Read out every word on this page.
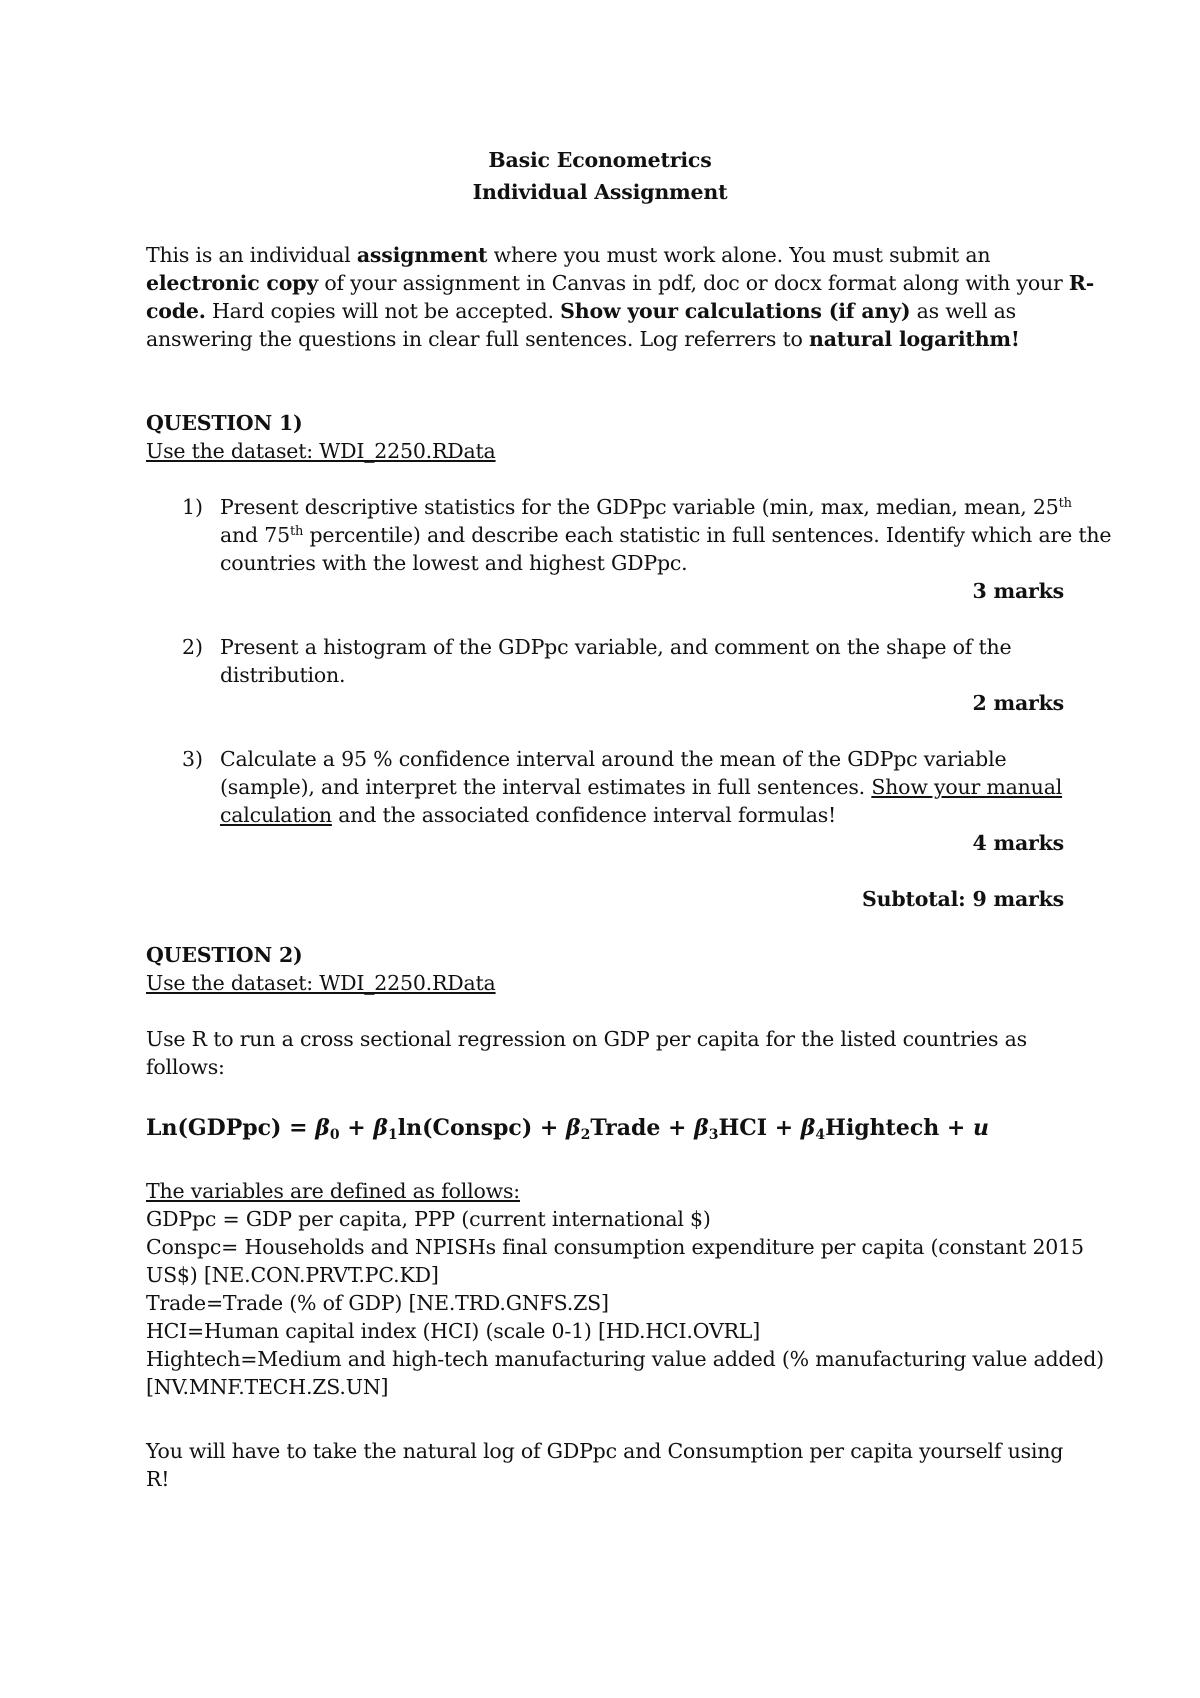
Basic Econometrics
Individual Assignment
This is an individual assignment where you must work alone. You must submit an
electronic copy of your assignment in Canvas in pdf, doc or docx format along with your R-
code. Hard copies will not be accepted. Show your calculations (if any) as well as
answering the questions in clear full sentences. Log referrers to natural logarithm!
QUESTION 1)
Use the dataset: WDI_2250.RData
1) Present descriptive statistics for the GDPpc variable (min, max, median, mean, 25th
and 75th percentile) and describe each statistic in full sentences. Identify which are the
countries with the lowest and highest GDPpc.
3 marks
2) Present a histogram of the GDPpc variable, and comment on the shape of the
distribution.
2 marks
3) Calculate a 95 % confidence interval around the mean of the GDPpc variable
(sample), and interpret the interval estimates in full sentences. Show your manual
calculation and the associated confidence interval formulas!
4 marks
Subtotal: 9 marks
QUESTION 2)
Use the dataset: WDI_2250.RData
Use R to run a cross sectional regression on GDP per capita for the listed countries as
follows:
Ln(GDPpc) = $\beta_0$ + $\beta_1\ln(Conspc)$ + $\beta_2Trade + \beta_3HCI$ + $\beta_4Hightech + u$
The variables are defined as follows:
GDPpc = GDP per capita, PPP (current international $)
Conspc= Households and NPISHs final consumption expenditure per capita (constant 2015
US$) [NE.CON.PRVT.PC.KD]
Trade=Trade (% of GDP) [NE.TRD.GNFS.ZS]
HCI=Human capital index (HCI) (scale 0-1) [HD.HCI.OVRL]
Hightech=Medium and high-tech manufacturing value added (% manufacturing value added)
[NV.MNF.TECH.ZS.UN]
You will have to take the natural log of GDPpc and Consumption per capita yourself using
R!
